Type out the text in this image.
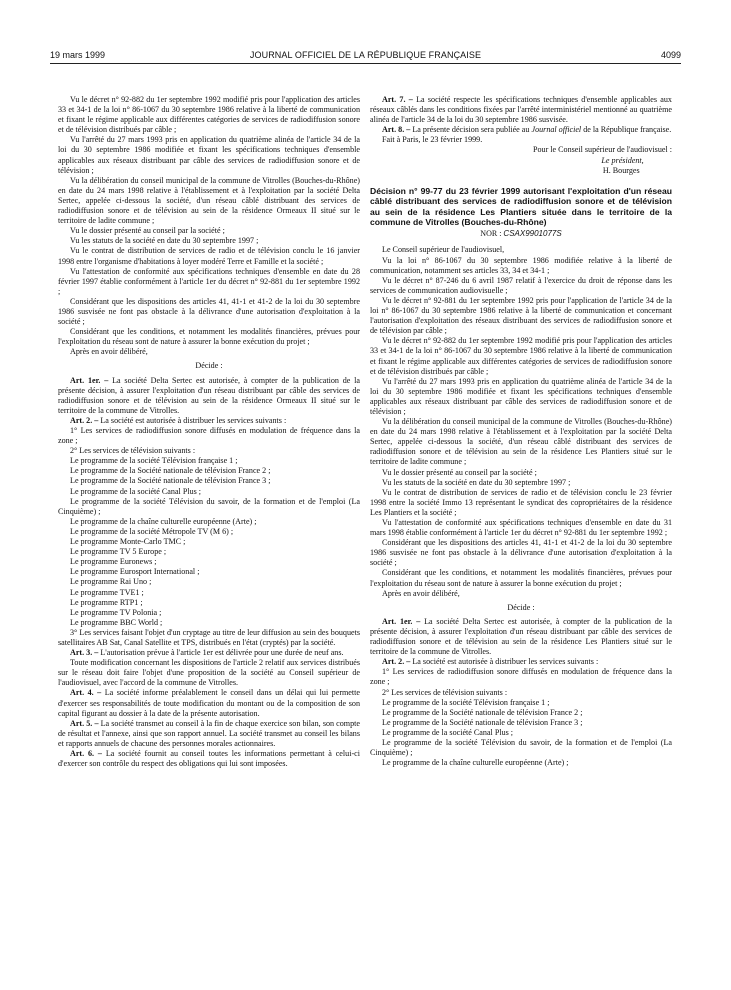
19 mars 1999	JOURNAL OFFICIEL DE LA RÉPUBLIQUE FRANÇAISE	4099

Vu le décret n° 92-882 du 1er septembre 1992 modifié pris pour l'application des articles 33 et 34-1 de la loi n° 86-1067 du 30 septembre 1986 relative à la liberté de communication et fixant le régime applicable aux différentes catégories de services de radiodiffusion sonore et de télévision distribués par câble ;

Vu l'arrêté du 27 mars 1993 pris en application du quatrième alinéa de l'article 34 de la loi du 30 septembre 1986 modifiée et fixant les spécifications techniques d'ensemble applicables aux réseaux distribuant par câble des services de radiodiffusion sonore et de télévision ;

Vu la délibération du conseil municipal de la commune de Vitrolles (Bouches-du-Rhône) en date du 24 mars 1998 relative à l'établissement et à l'exploitation par la société Delta Sertec, appelée ci-dessous la société, d'un réseau câblé distribuant des services de radiodiffusion sonore et de télévision au sein de la résidence Ormeaux II situé sur le territoire de ladite commune ;

Vu le dossier présenté au conseil par la société ;

Vu les statuts de la société en date du 30 septembre 1997 ;

Vu le contrat de distribution de services de radio et de télévision conclu le 16 janvier 1998 entre l'organisme d'habitations à loyer modéré Terre et Famille et la société ;

Vu l'attestation de conformité aux spécifications techniques d'ensemble en date du 28 février 1997 établie conformément à l'article 1er du décret n° 92-881 du 1er septembre 1992 ;

Considérant que les dispositions des articles 41, 41-1 et 41-2 de la loi du 30 septembre 1986 susvisée ne font pas obstacle à la délivrance d'une autorisation d'exploitation à la société ;

Considérant que les conditions, et notamment les modalités financières, prévues pour l'exploitation du réseau sont de nature à assurer la bonne exécution du projet ;

Après en avoir délibéré,

Décide :

Art. 1er. – La société Delta Sertec est autorisée, à compter de la publication de la présente décision, à assurer l'exploitation d'un réseau distribuant par câble des services de radiodiffusion sonore et de télévision au sein de la résidence Ormeaux II situé sur le territoire de la commune de Vitrolles.

Art. 2. – La société est autorisée à distribuer les services suivants :

1° Les services de radiodiffusion sonore diffusés en modulation de fréquence dans la zone ;

2° Les services de télévision suivants :

Le programme de la société Télévision française 1 ;

Le programme de la Société nationale de télévision France 2 ;

Le programme de la Société nationale de télévision France 3 ;

Le programme de la société Canal Plus ;

Le programme de la société Télévision du savoir, de la formation et de l'emploi (La Cinquième) ;

Le programme de la chaîne culturelle européenne (Arte) ;

Le programme de la société Métropole TV (M 6) ;

Le programme Monte-Carlo TMC ;

Le programme TV 5 Europe ;

Le programme Euronews ;

Le programme Eurosport International ;

Le programme Rai Uno ;

Le programme TVE1 ;

Le programme RTP1 ;

Le programme TV Polonia ;

Le programme BBC World ;

3° Les services faisant l'objet d'un cryptage au titre de leur diffusion au sein des bouquets satellitaires AB Sat, Canal Satellite et TPS, distribués en l'état (cryptés) par la société.

Art. 3. – L'autorisation prévue à l'article 1er est délivrée pour une durée de neuf ans.

Toute modification concernant les dispositions de l'article 2 relatif aux services distribués sur le réseau doit faire l'objet d'une proposition de la société au Conseil supérieur de l'audiovisuel, avec l'accord de la commune de Vitrolles.

Art. 4. – La société informe préalablement le conseil dans un délai qui lui permette d'exercer ses responsabilités de toute modification du montant ou de la composition de son capital figurant au dossier à la date de la présente autorisation.

Art. 5. – La société transmet au conseil à la fin de chaque exercice son bilan, son compte de résultat et l'annexe, ainsi que son rapport annuel. La société transmet au conseil les bilans et rapports annuels de chacune des personnes morales actionnaires.

Art. 6. – La société fournit au conseil toutes les informations permettant à celui-ci d'exercer son contrôle du respect des obligations qui lui sont imposées.

Art. 7. – La société respecte les spécifications techniques d'ensemble applicables aux réseaux câblés dans les conditions fixées par l'arrêté interministériel mentionné au quatrième alinéa de l'article 34 de la loi du 30 septembre 1986 susvisée.

Art. 8. – La présente décision sera publiée au Journal officiel de la République française.

Fait à Paris, le 23 février 1999.

Pour le Conseil supérieur de l'audiovisuel :

Le président,

H. Bourges

Décision n° 99-77 du 23 février 1999 autorisant l'exploitation d'un réseau câblé distribuant des services de radiodiffusion sonore et de télévision au sein de la résidence Les Plantiers située dans le territoire de la commune de Vitrolles (Bouches-du-Rhône)

NOR : CSAX9901077S

Le Conseil supérieur de l'audiovisuel,

Vu la loi n° 86-1067 du 30 septembre 1986 modifiée relative à la liberté de communication, notamment ses articles 33, 34 et 34-1 ;

Vu le décret n° 87-246 du 6 avril 1987 relatif à l'exercice du droit de réponse dans les services de communication audiovisuelle ;

Vu le décret n° 92-881 du 1er septembre 1992 pris pour l'application de l'article 34 de la loi n° 86-1067 du 30 septembre 1986 relative à la liberté de communication et concernant l'autorisation d'exploitation des réseaux distribuant des services de radiodiffusion sonore et de télévision par câble ;

Vu le décret n° 92-882 du 1er septembre 1992 modifié pris pour l'application des articles 33 et 34-1 de la loi n° 86-1067 du 30 septembre 1986 relative à la liberté de communication et fixant le régime applicable aux différentes catégories de services de radiodiffusion sonore et de télévision distribués par câble ;

Vu l'arrêté du 27 mars 1993 pris en application du quatrième alinéa de l'article 34 de la loi du 30 septembre 1986 modifiée et fixant les spécifications techniques d'ensemble applicables aux réseaux distribuant par câble des services de radiodiffusion sonore et de télévision ;

Vu la délibération du conseil municipal de la commune de Vitrolles (Bouches-du-Rhône) en date du 24 mars 1998 relative à l'établissement et à l'exploitation par la société Delta Sertec, appelée ci-dessous la société, d'un réseau câblé distribuant des services de radiodiffusion sonore et de télévision au sein de la résidence Les Plantiers situé sur le territoire de ladite commune ;

Vu le dossier présenté au conseil par la société ;

Vu les statuts de la société en date du 30 septembre 1997 ;

Vu le contrat de distribution de services de radio et de télévision conclu le 23 février 1998 entre la société Immo 13 représentant le syndicat des copropriétaires de la résidence Les Plantiers et la société ;

Vu l'attestation de conformité aux spécifications techniques d'ensemble en date du 31 mars 1998 établie conformément à l'article 1er du décret n° 92-881 du 1er septembre 1992 ;

Considérant que les dispositions des articles 41, 41-1 et 41-2 de la loi du 30 septembre 1986 susvisée ne font pas obstacle à la délivrance d'une autorisation d'exploitation à la société ;

Considérant que les conditions, et notamment les modalités financières, prévues pour l'exploitation du réseau sont de nature à assurer la bonne exécution du projet ;

Après en avoir délibéré,

Décide :

Art. 1er. – La société Delta Sertec est autorisée, à compter de la publication de la présente décision, à assurer l'exploitation d'un réseau distribuant par câble des services de radiodiffusion sonore et de télévision au sein de la résidence Les Plantiers situé sur le territoire de la commune de Vitrolles.

Art. 2. – La société est autorisée à distribuer les services suivants :

1° Les services de radiodiffusion sonore diffusés en modulation de fréquence dans la zone ;

2° Les services de télévision suivants :

Le programme de la société Télévision française 1 ;

Le programme de la Société nationale de télévision France 2 ;

Le programme de la Société nationale de télévision France 3 ;

Le programme de la société Canal Plus ;

Le programme de la société Télévision du savoir, de la formation et de l'emploi (La Cinquième) ;

Le programme de la chaîne culturelle européenne (Arte) ;
